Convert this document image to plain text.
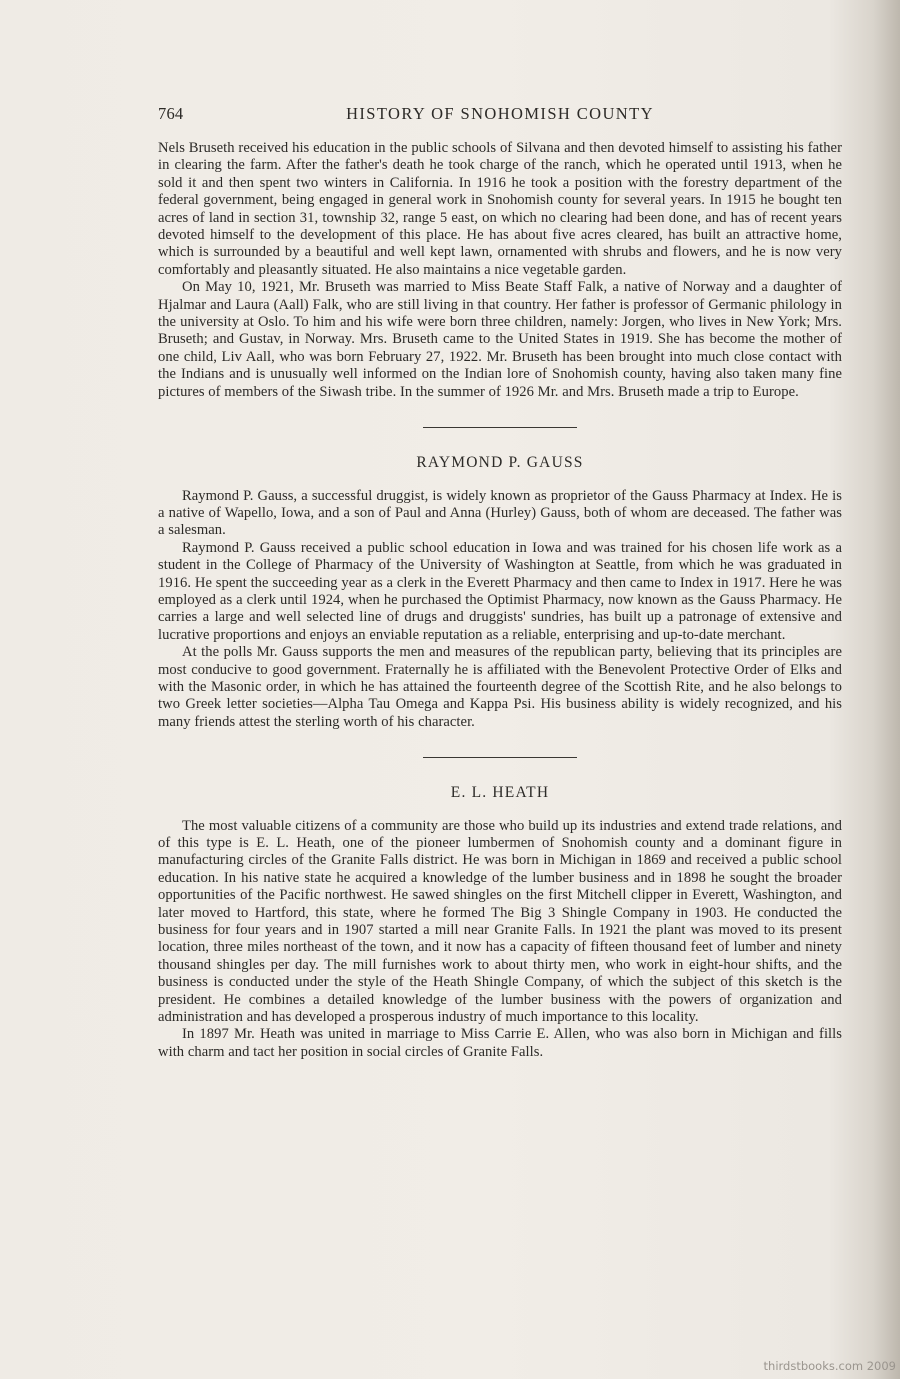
764	HISTORY OF SNOHOMISH COUNTY

Nels Bruseth received his education in the public schools of Silvana and then devoted himself to assisting his father in clearing the farm. After the father's death he took charge of the ranch, which he operated until 1913, when he sold it and then spent two winters in California. In 1916 he took a position with the forestry department of the federal government, being engaged in general work in Snohomish county for several years. In 1915 he bought ten acres of land in section 31, township 32, range 5 east, on which no clearing had been done, and has of recent years devoted himself to the development of this place. He has about five acres cleared, has built an attractive home, which is surrounded by a beautiful and well kept lawn, ornamented with shrubs and flowers, and he is now very comfortably and pleasantly situated. He also maintains a nice vegetable garden.

On May 10, 1921, Mr. Bruseth was married to Miss Beate Staff Falk, a native of Norway and a daughter of Hjalmar and Laura (Aall) Falk, who are still living in that country. Her father is professor of Germanic philology in the university at Oslo. To him and his wife were born three children, namely: Jorgen, who lives in New York; Mrs. Bruseth; and Gustav, in Norway. Mrs. Bruseth came to the United States in 1919. She has become the mother of one child, Liv Aall, who was born February 27, 1922. Mr. Bruseth has been brought into much close contact with the Indians and is unusually well informed on the Indian lore of Snohomish county, having also taken many fine pictures of members of the Siwash tribe. In the summer of 1926 Mr. and Mrs. Bruseth made a trip to Europe.

RAYMOND P. GAUSS

Raymond P. Gauss, a successful druggist, is widely known as proprietor of the Gauss Pharmacy at Index. He is a native of Wapello, Iowa, and a son of Paul and Anna (Hurley) Gauss, both of whom are deceased. The father was a salesman.

Raymond P. Gauss received a public school education in Iowa and was trained for his chosen life work as a student in the College of Pharmacy of the University of Washington at Seattle, from which he was graduated in 1916. He spent the succeeding year as a clerk in the Everett Pharmacy and then came to Index in 1917. Here he was employed as a clerk until 1924, when he purchased the Optimist Pharmacy, now known as the Gauss Pharmacy. He carries a large and well selected line of drugs and druggists' sundries, has built up a patronage of extensive and lucrative proportions and enjoys an enviable reputation as a reliable, enterprising and up-to-date merchant.

At the polls Mr. Gauss supports the men and measures of the republican party, believing that its principles are most conducive to good government. Fraternally he is affiliated with the Benevolent Protective Order of Elks and with the Masonic order, in which he has attained the fourteenth degree of the Scottish Rite, and he also belongs to two Greek letter societies—Alpha Tau Omega and Kappa Psi. His business ability is widely recognized, and his many friends attest the sterling worth of his character.

E. L. HEATH

The most valuable citizens of a community are those who build up its industries and extend trade relations, and of this type is E. L. Heath, one of the pioneer lumbermen of Snohomish county and a dominant figure in manufacturing circles of the Granite Falls district. He was born in Michigan in 1869 and received a public school education. In his native state he acquired a knowledge of the lumber business and in 1898 he sought the broader opportunities of the Pacific northwest. He sawed shingles on the first Mitchell clipper in Everett, Washington, and later moved to Hartford, this state, where he formed The Big 3 Shingle Company in 1903. He conducted the business for four years and in 1907 started a mill near Granite Falls. In 1921 the plant was moved to its present location, three miles northeast of the town, and it now has a capacity of fifteen thousand feet of lumber and ninety thousand shingles per day. The mill furnishes work to about thirty men, who work in eight-hour shifts, and the business is conducted under the style of the Heath Shingle Company, of which the subject of this sketch is the president. He combines a detailed knowledge of the lumber business with the powers of organization and administration and has developed a prosperous industry of much importance to this locality.

In 1897 Mr. Heath was united in marriage to Miss Carrie E. Allen, who was also born in Michigan and fills with charm and tact her position in social circles of Granite Falls.

thirdstbooks.com 2009
